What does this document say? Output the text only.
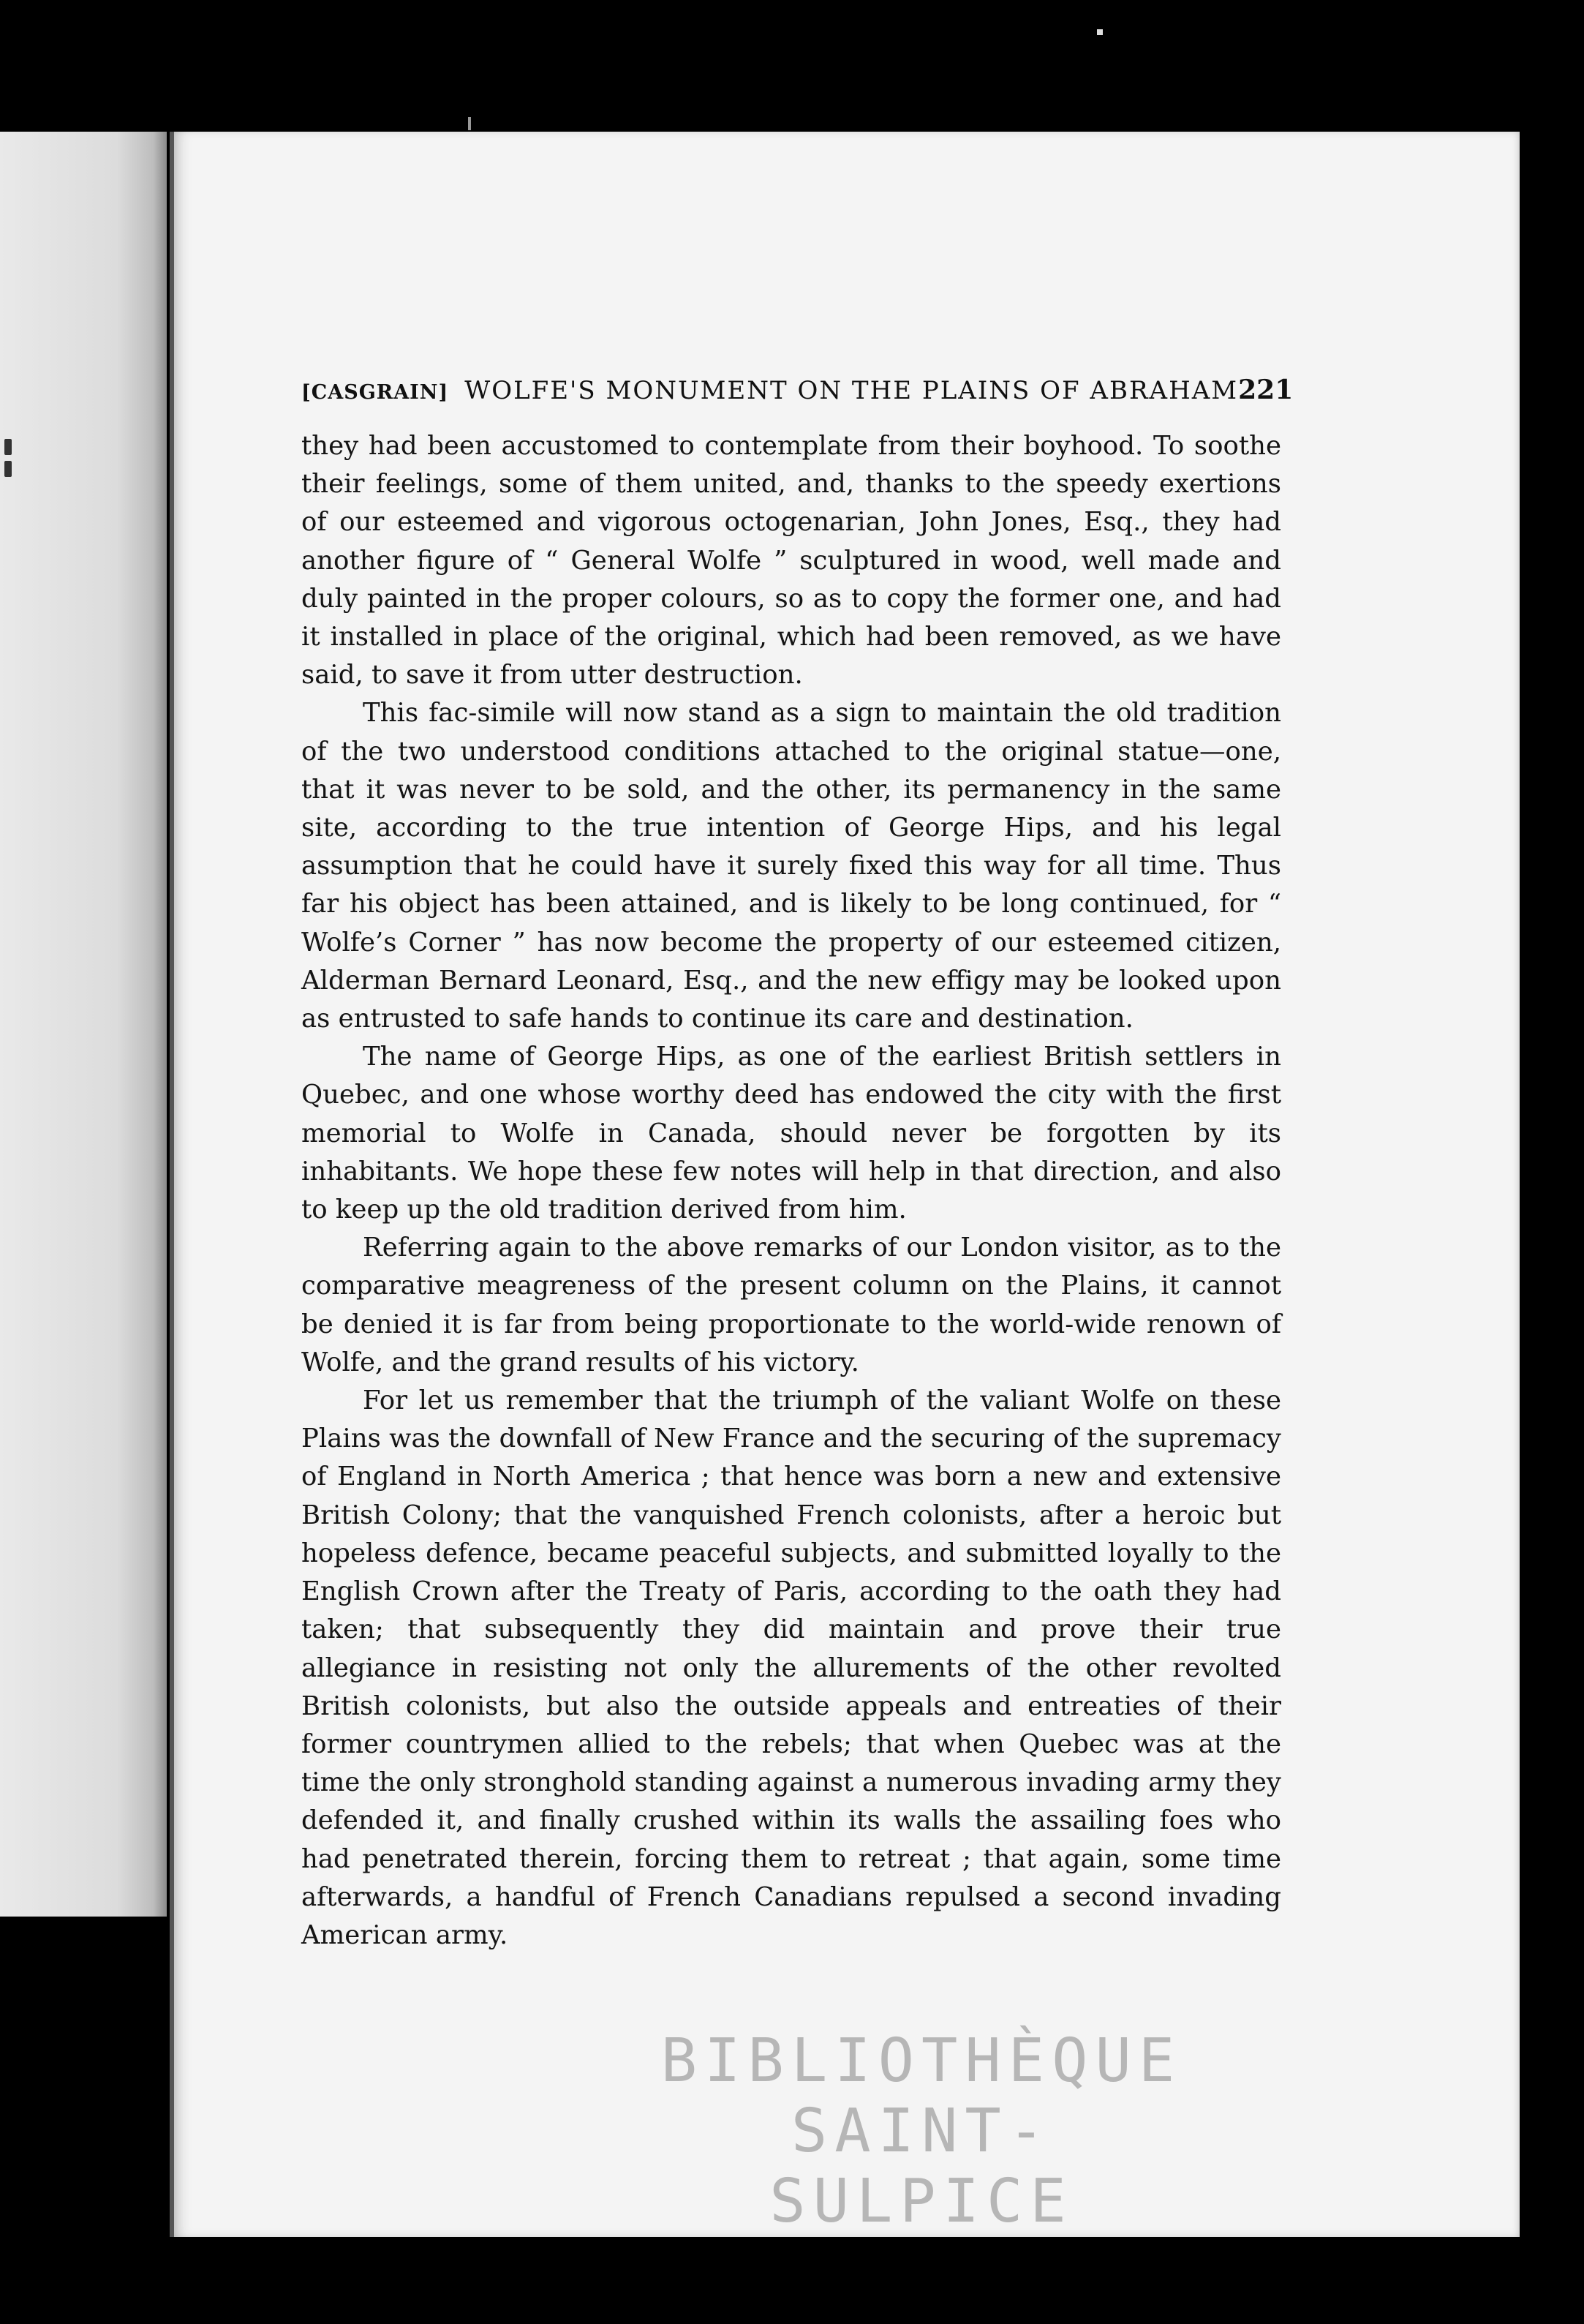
[CASGRAIN] WOLFE'S MONUMENT ON THE PLAINS OF ABRAHAM 221

they had been accustomed to contemplate from their boyhood. To soothe their feelings, some of them united, and, thanks to the speedy exertions of our esteemed and vigorous octogenarian, John Jones, Esq., they had another figure of “ General Wolfe ” sculptured in wood, well made and duly painted in the proper colours, so as to copy the former one, and had it installed in place of the original, which had been removed, as we have said, to save it from utter destruction.

This fac-simile will now stand as a sign to maintain the old tradition of the two understood conditions attached to the original statue—one, that it was never to be sold, and the other, its permanency in the same site, according to the true intention of George Hips, and his legal assumption that he could have it surely fixed this way for all time. Thus far his object has been attained, and is likely to be long continued, for “ Wolfe’s Corner ” has now become the property of our esteemed citizen, Alderman Bernard Leonard, Esq., and the new effigy may be looked upon as entrusted to safe hands to continue its care and destination.

The name of George Hips, as one of the earliest British settlers in Quebec, and one whose worthy deed has endowed the city with the first memorial to Wolfe in Canada, should never be forgotten by its inhabitants. We hope these few notes will help in that direction, and also to keep up the old tradition derived from him.

Referring again to the above remarks of our London visitor, as to the comparative meagreness of the present column on the Plains, it cannot be denied it is far from being proportionate to the world-wide renown of Wolfe, and the grand results of his victory.

For let us remember that the triumph of the valiant Wolfe on these Plains was the downfall of New France and the securing of the supremacy of England in North America ; that hence was born a new and extensive British Colony; that the vanquished French colonists, after a heroic but hopeless defence, became peaceful subjects, and submitted loyally to the English Crown after the Treaty of Paris, according to the oath they had taken; that subsequently they did maintain and prove their true allegiance in resisting not only the allurements of the other revolted British colonists, but also the outside appeals and entreaties of their former countrymen allied to the rebels; that when Quebec was at the time the only stronghold standing against a numerous invading army they defended it, and finally crushed within its walls the assailing foes who had penetrated therein, forcing them to retreat ; that again, some time afterwards, a handful of French Canadians repulsed a second invading American army.

BIBLIOTHÈQUE
SAINT-SULPICE
